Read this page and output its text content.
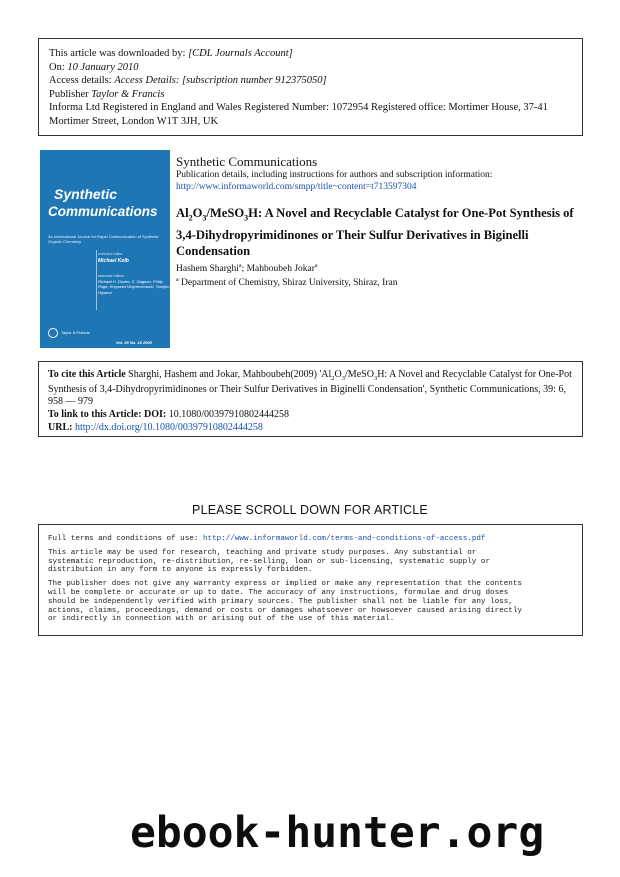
This article was downloaded by: [CDL Journals Account]
On: 10 January 2010
Access details: Access Details: [subscription number 912375050]
Publisher Taylor & Francis
Informa Ltd Registered in England and Wales Registered Number: 1072954 Registered office: Mortimer House, 37-41 Mortimer Street, London W1T 3JH, UK
Synthetic
Communications
An International Journal for Rapid Communication of Synthetic Organic Chemistry
executive editor
Michael Kolb
associate editors
Richard H. Dozier, S. Gagnon, Philip Page, Krzysztof Wojciechowski, Tomijiro Hiyama
Taylor & Francis
Vol. 35 No. 18 2005
Synthetic Communications
Publication details, including instructions for authors and subscription information:
http://www.informaworld.com/smpp/title~content=t713597304
$Al_2O_3/MeSO_3H$: A Novel and Recyclable Catalyst for One-Pot Synthesis of 3,4-Dihydropyrimidinones or Their Sulfur Derivatives in Biginelli Condensation
Hashem Sharghi$^a$; Mahboubeh Jokar$^a$
$^a$ Department of Chemistry, Shiraz University, Shiraz, Iran
To cite this Article Sharghi, Hashem and Jokar, Mahboubeh(2009) '$Al_2O_3/MeSO_3H$: A Novel and Recyclable Catalyst for One-Pot Synthesis of 3,4-Dihydropyrimidinones or Their Sulfur Derivatives in Biginelli Condensation', Synthetic Communications, 39: 6, 958 — 979
To link to this Article: DOI: 10.1080/00397910802444258
URL: http://dx.doi.org/10.1080/00397910802444258
PLEASE SCROLL DOWN FOR ARTICLE

Full terms and conditions of use: http://www.informaworld.com/terms-and-conditions-of-access.pdf

This article may be used for research, teaching and private study purposes. Any substantial or
systematic reproduction, re-distribution, re-selling, loan or sub-licensing, systematic supply or
distribution in any form to anyone is expressly forbidden.

The publisher does not give any warranty express or implied or make any representation that the contents
will be complete or accurate or up to date. The accuracy of any instructions, formulae and drug doses
should be independently verified with primary sources. The publisher shall not be liable for any loss,
actions, claims, proceedings, demand or costs or damages whatsoever or howsoever caused arising directly
or indirectly in connection with or arising out of the use of this material.

ebook-hunter.org
